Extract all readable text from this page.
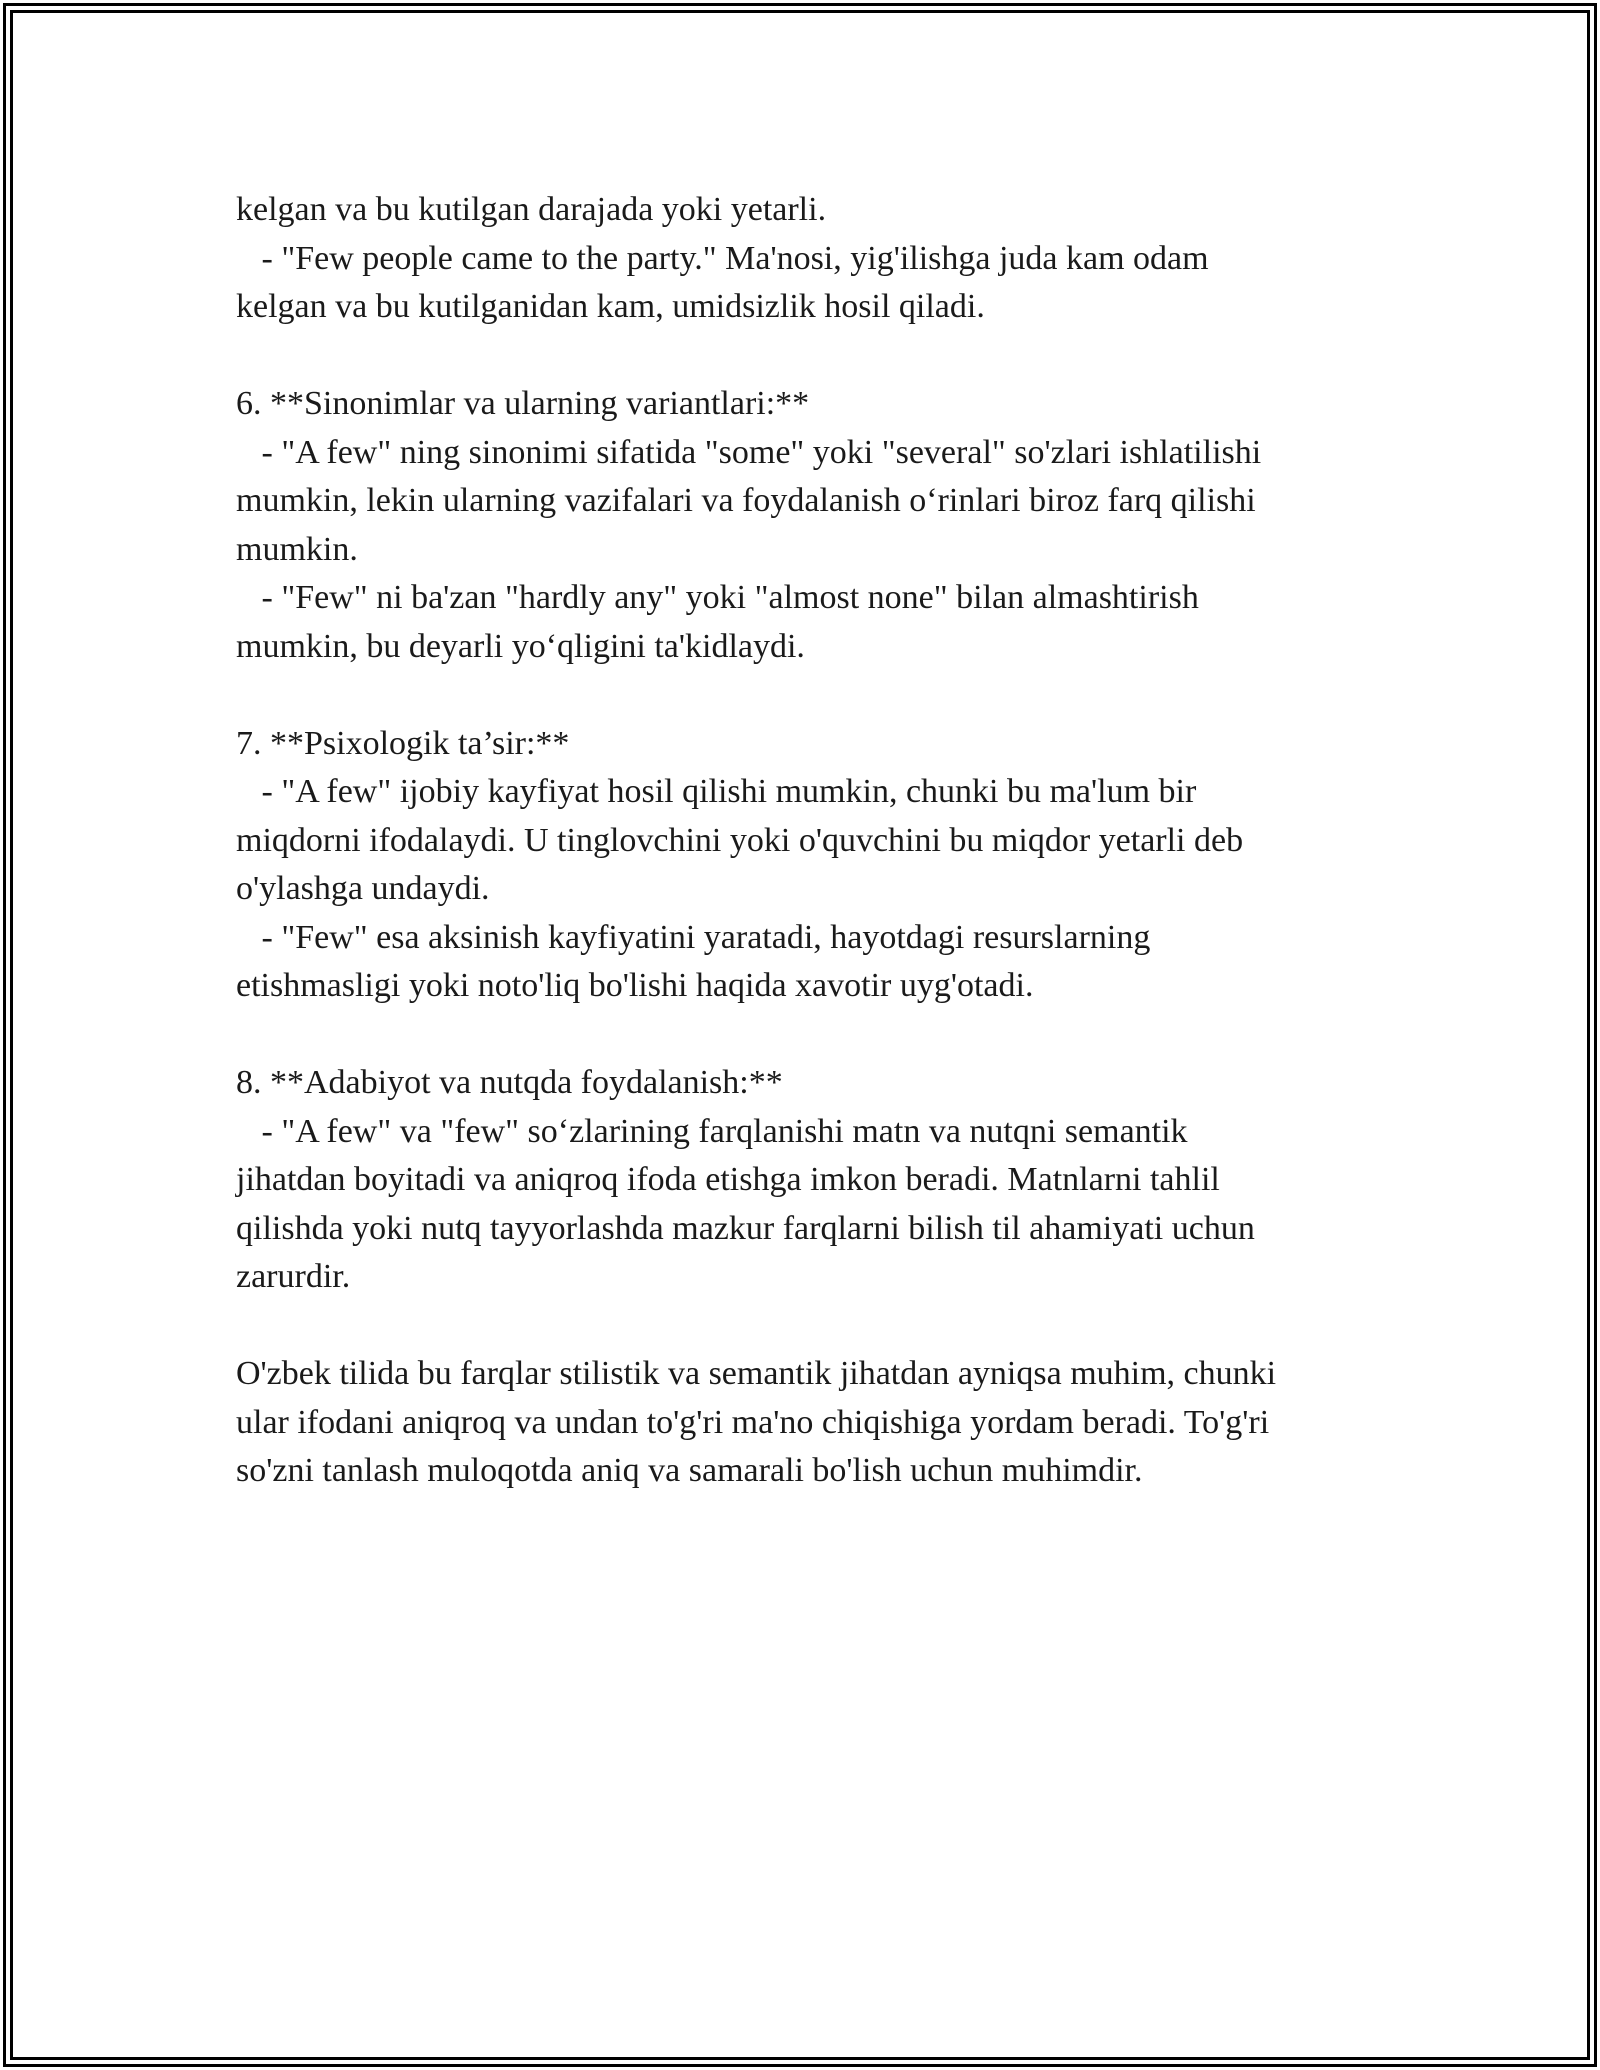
kelgan va bu kutilgan darajada yoki yetarli.
- "Few people came to the party." Ma'nosi, yig'ilishga juda kam odam
kelgan va bu kutilganidan kam, umidsizlik hosil qiladi.
6. **Sinonimlar va ularning variantlari:**
- "A few" ning sinonimi sifatida "some" yoki "several" so'zlari ishlatilishi
mumkin, lekin ularning vazifalari va foydalanish o‘rinlari biroz farq qilishi
mumkin.
- "Few" ni ba'zan "hardly any" yoki "almost none" bilan almashtirish
mumkin, bu deyarli yo‘qligini ta'kidlaydi.
7. **Psixologik ta’sir:**
- "A few" ijobiy kayfiyat hosil qilishi mumkin, chunki bu ma'lum bir
miqdorni ifodalaydi. U tinglovchini yoki o'quvchini bu miqdor yetarli deb
o'ylashga undaydi.
- "Few" esa aksinish kayfiyatini yaratadi, hayotdagi resurslarning
etishmasligi yoki noto'liq bo'lishi haqida xavotir uyg'otadi.
8. **Adabiyot va nutqda foydalanish:**
- "A few" va "few" so‘zlarining farqlanishi matn va nutqni semantik
jihatdan boyitadi va aniqroq ifoda etishga imkon beradi. Matnlarni tahlil
qilishda yoki nutq tayyorlashda mazkur farqlarni bilish til ahamiyati uchun
zarurdir.
O'zbek tilida bu farqlar stilistik va semantik jihatdan ayniqsa muhim, chunki
ular ifodani aniqroq va undan to'g'ri ma'no chiqishiga yordam beradi. To'g'ri
so'zni tanlash muloqotda aniq va samarali bo'lish uchun muhimdir.
